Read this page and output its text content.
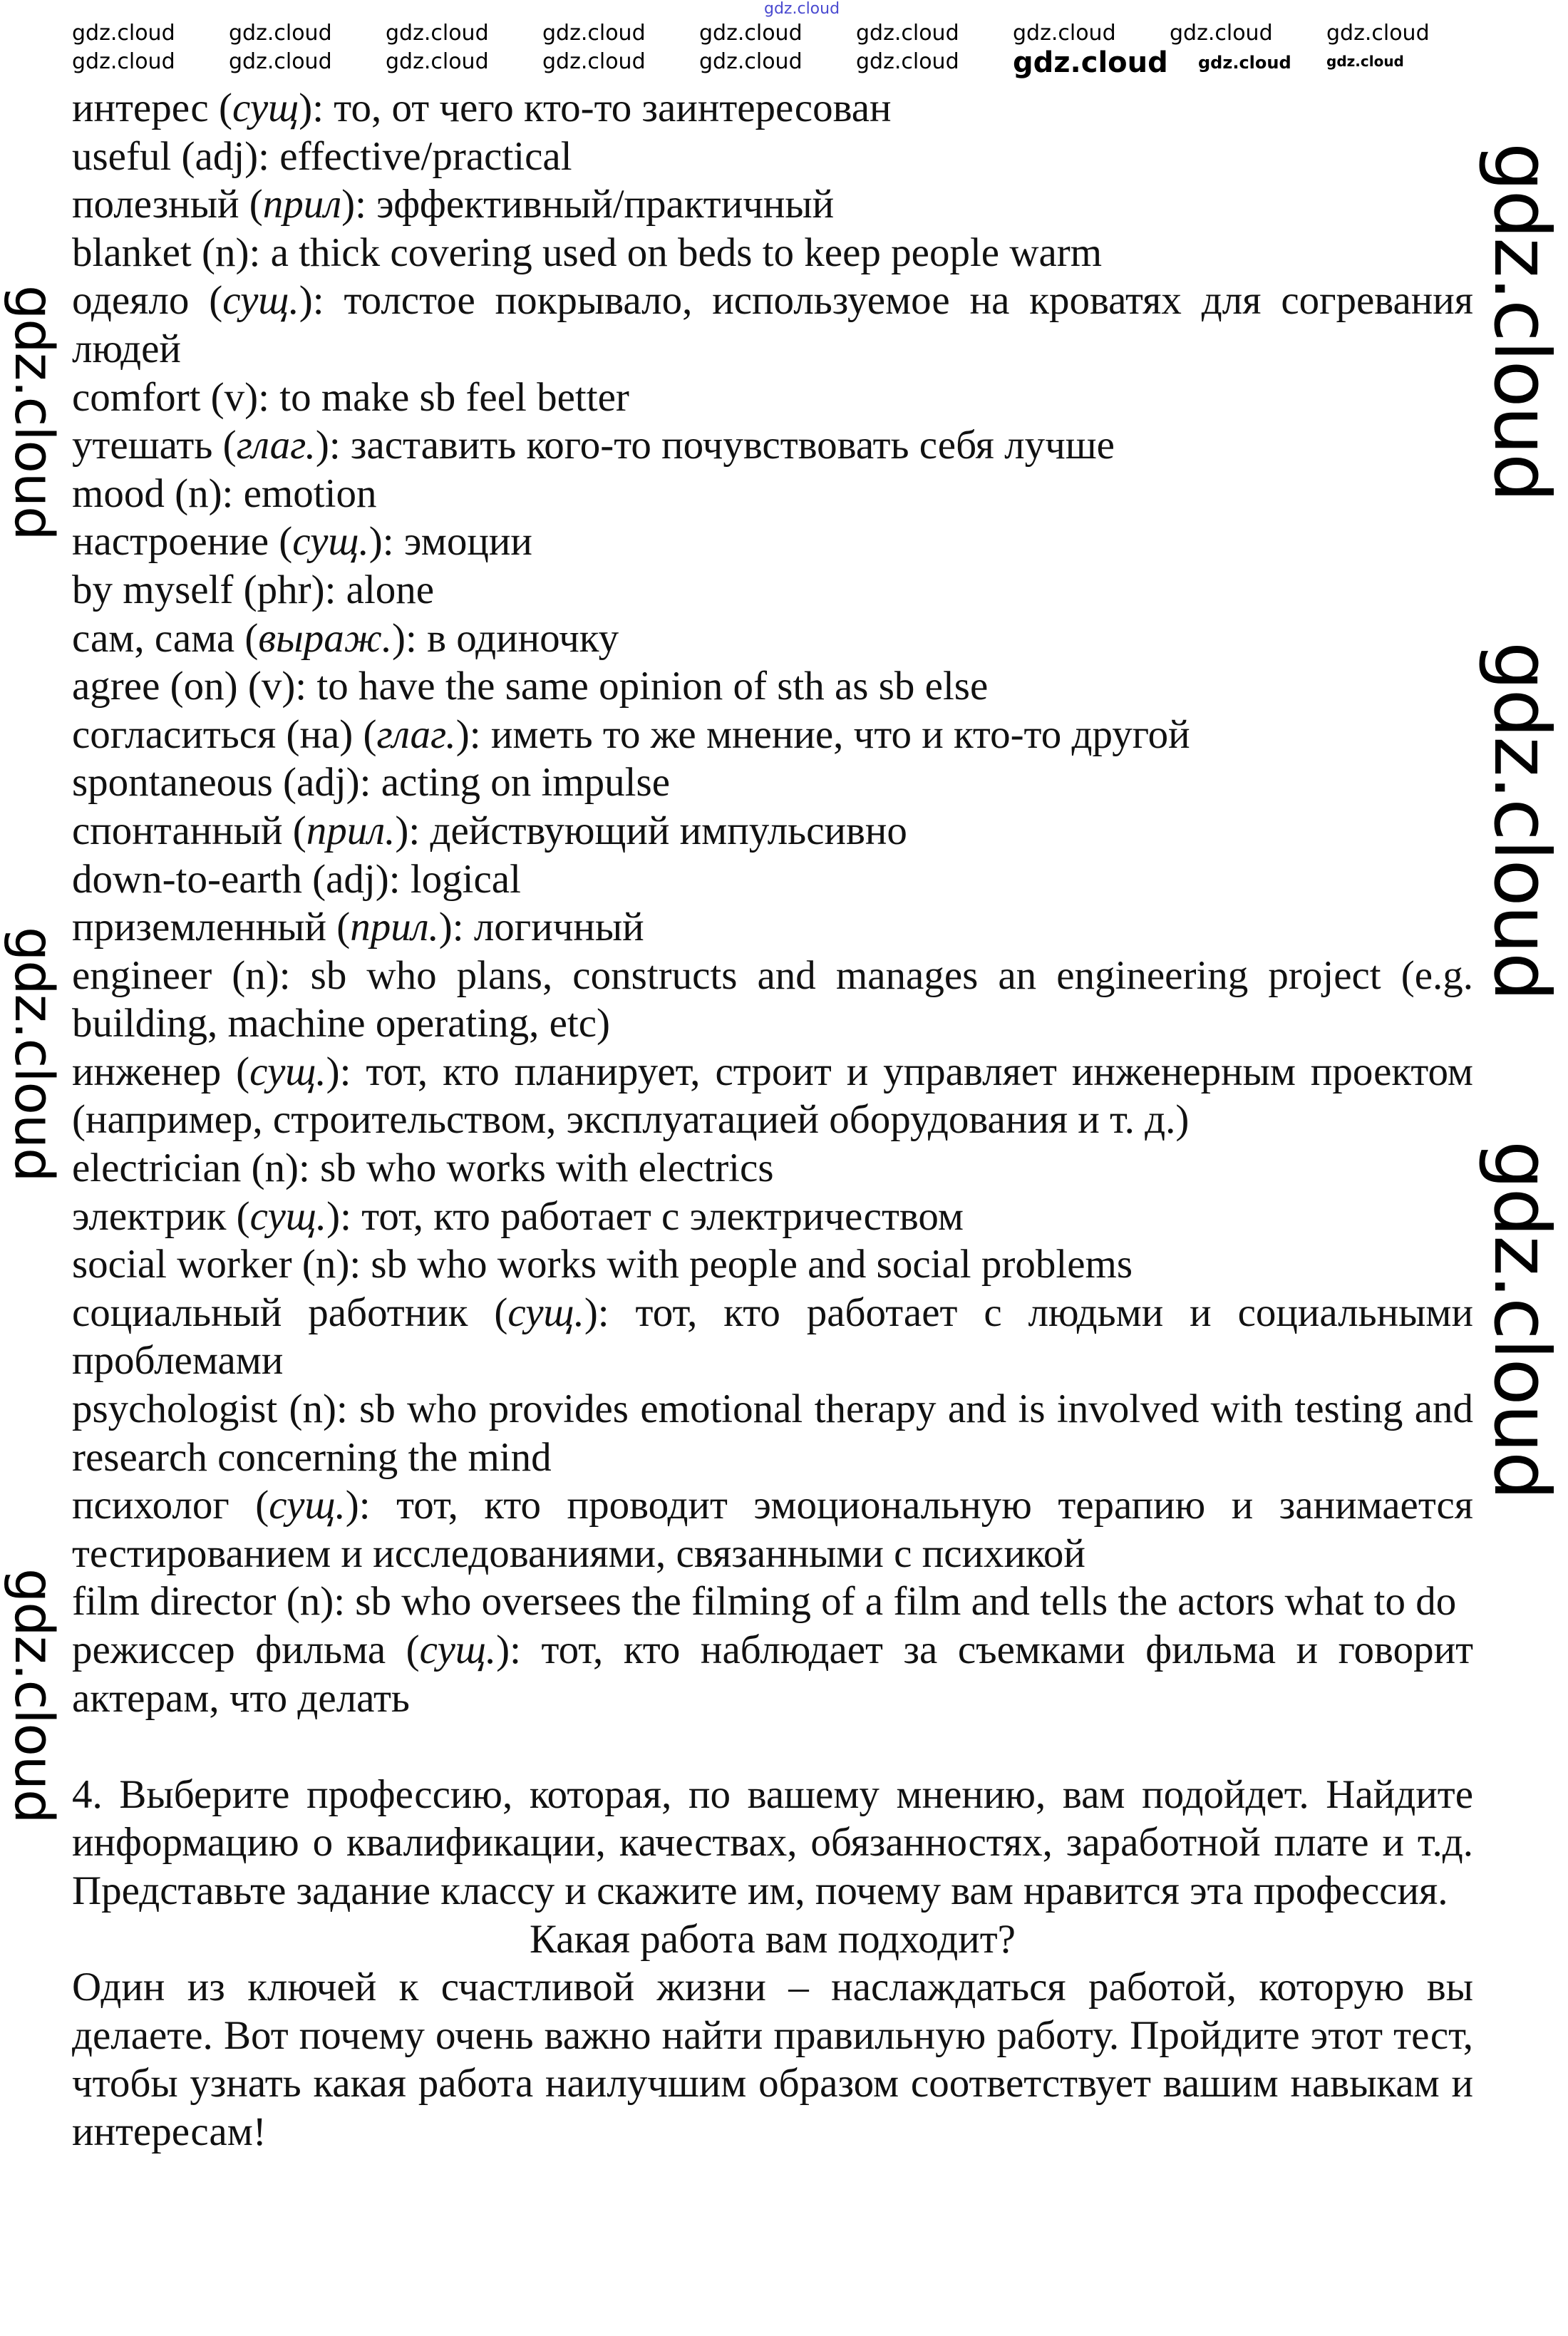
интерес (сущ): то, от чего кто-то заинтересован

useful (adj): effective/practical

полезный (прил): эффективный/практичный

blanket (n): a thick covering used on beds to keep people warm

одеяло (сущ.): толстое покрывало, используемое на кроватях для согревания людей

comfort (v): to make sb feel better

утешать (глаг.): заставить кого-то почувствовать себя лучше

mood (n): emotion

настроение (сущ.): эмоции

by myself (phr): alone

сам, сама (выраж.): в одиночку

agree (on) (v): to have the same opinion of sth as sb else

согласиться (на) (глаг.): иметь то же мнение, что и кто-то другой

spontaneous (adj): acting on impulse

спонтанный (прил.): действующий импульсивно

down-to-earth (adj): logical

приземленный (прил.): логичный

engineer (n): sb who plans, constructs and manages an engineering project (e.g. building, machine operating, etc)

инженер (сущ.): тот, кто планирует, строит и управляет инженерным проектом (например, строительством, эксплуатацией оборудования и т. д.)

electrician (n): sb who works with electrics

электрик (сущ.): тот, кто работает с электричеством

social worker (n): sb who works with people and social problems

социальный работник (сущ.): тот, кто работает с людьми и социальными проблемами

psychologist (n): sb who provides emotional therapy and is involved with testing and research concerning the mind

психолог (сущ.): тот, кто проводит эмоциональную терапию и занимается тестированием и исследованиями, связанными с психикой

film director (n): sb who oversees the filming of a film and tells the actors what to do

режиссер фильма (сущ.): тот, кто наблюдает за съемками фильма и говорит актерам, что делать

4. Выберите профессию, которая, по вашему мнению, вам подойдет. Найдите информацию о квалификации, качествах, обязанностях, заработной плате и т.д. Представьте задание классу и скажите им, почему вам нравится эта профессия.

Какая работа вам подходит?

Один из ключей к счастливой жизни – наслаждаться работой, которую вы делаете. Вот почему очень важно найти правильную работу. Пройдите этот тест, чтобы узнать какая работа наилучшим образом соответствует вашим навыкам и интересам!

gdz.cloud
gdz.cloud	gdz.cloud	gdz.cloud	gdz.cloud	gdz.cloud	gdz.cloud	gdz.cloud	gdz.cloud	gdz.cloud
gdz.cloud	gdz.cloud	gdz.cloud	gdz.cloud	gdz.cloud	gdz.cloud gdz.cloud gdz.cloud gdz.cloud
gdz.cloud
gdz.cloud
gdz.cloud
gdz.cloud
gdz.cloud
gdz.cloud
